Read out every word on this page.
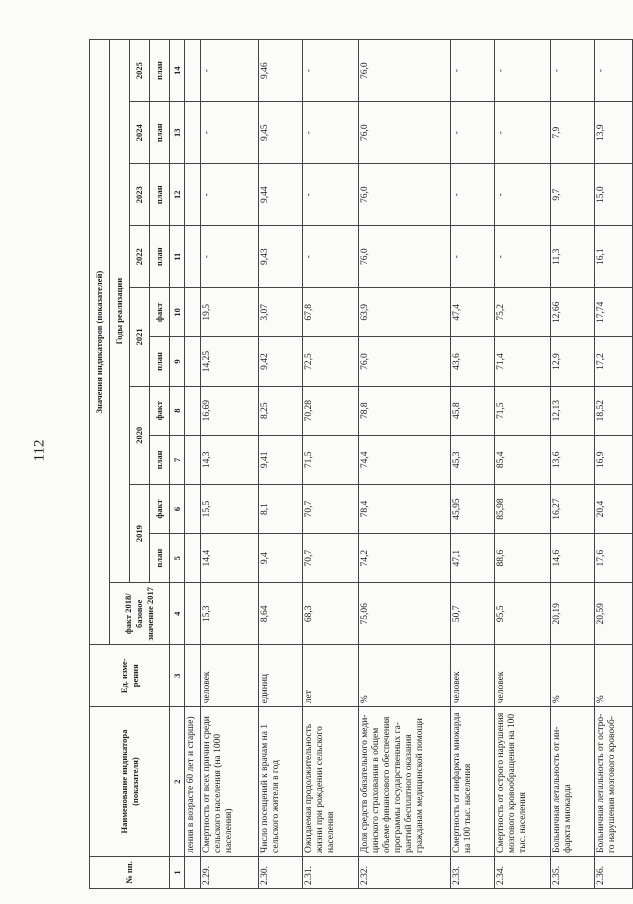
112
№ пп.	Наименование индикатора (показателя)	Ед. изме-рения	Значения индикаторов (показателей)										
			факт 2018/базовое значение 2017	Годы реализации									
				2019		2020		2021		2022	2023	2024	2025
				план	факт	план	факт	план	факт	план	план	план	план
1	2	3	4	5	6	7	8	9	10	11	12	13	14
	ления в возрасте 60 лет и старше)												
2.29.	Смертность от всех причин среди сельского населения (на 1000 населения)	человек	15,3	14,4	15,5	14,3	16,69	14,25	19,5	-	-	-	-
2.30.	Число посещений к врачам на 1 сельского жителя в год	единиц	8,64	9,4	8,1	9,41	8,25	9,42	3,07	9,43	9,44	9,45	9,46
2.31.	Ожидаемая продолжительность жизни при рождении сельского населения	лет	68,3	70,7	70,7	71,5	70,28	72,5	67,8	-	-	-	-
2.32.	Доля средств обязательного меди-цинского страхования в общем объеме финансового обеспечения программы государственных га-рантий бесплатного оказания гражданам медицинской помощи	%	75,06	74,2	78,4	74,4	78,8	76,0	63,9	76,0	76,0	76,0	76,0
2.33.	Смертность от инфаркта миокарда на 100 тыс. населения	человек	50,7	47,1	45,95	45,3	45,8	43,6	47,4	-	-	-	-
2.34.	Смертность от острого нарушения мозгового кровообращения на 100 тыс. населения	человек	95,5	88,6	85,98	85,4	71,5	71,4	75,2	-	-	-	-
2.35.	Больничная летальность от ин-фаркта миокарда	%	20,19	14,6	16,27	13,6	12,13	12,9	12,66	11,3	9,7	7,9	-
2.36.	Больничная летальность от остро-го нарушения мозгового кровооб-	%	20,59	17,6	20,4	16,9	18,52	17,2	17,74	16,1	15,0	13,9	-
